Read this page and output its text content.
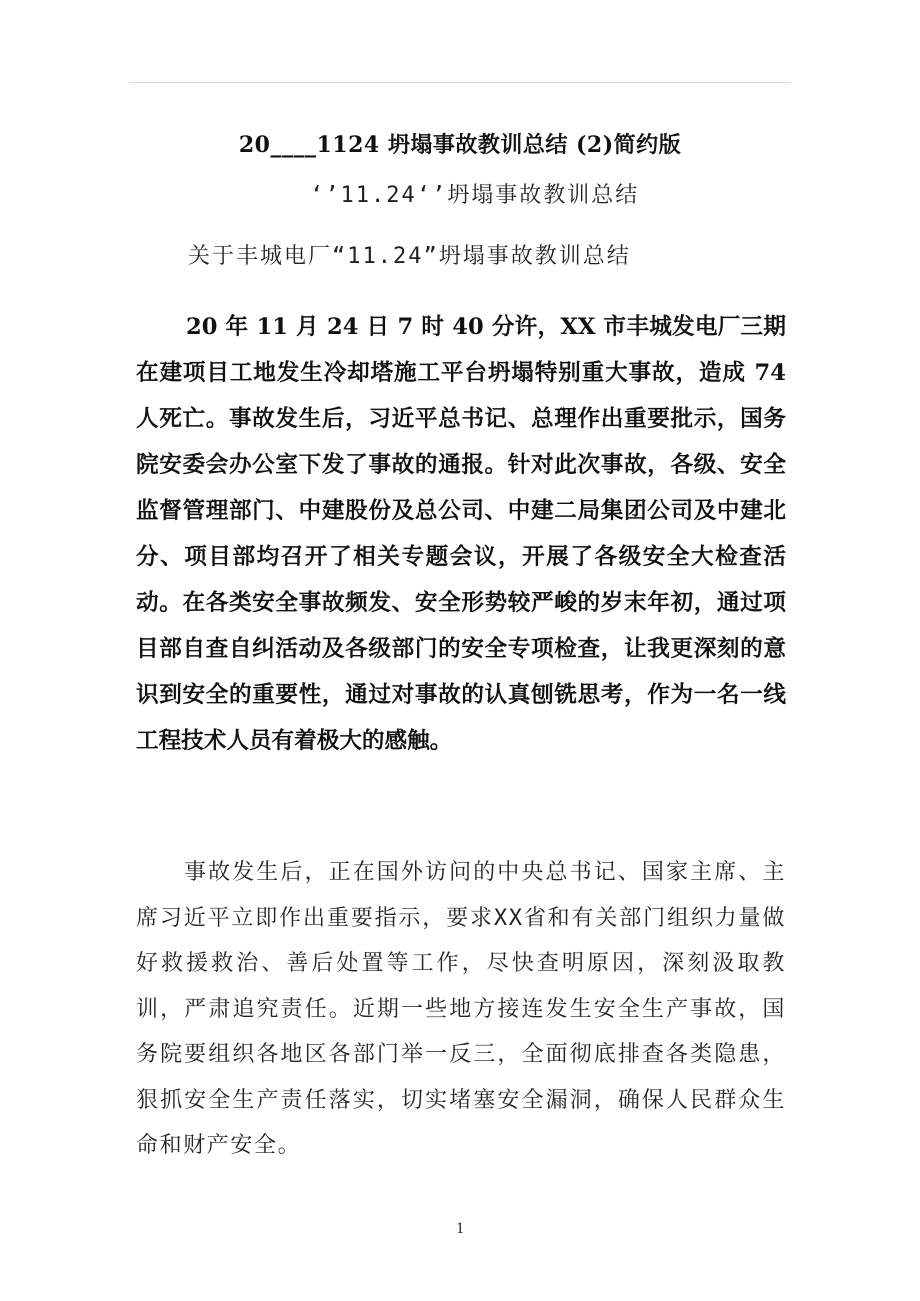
20____1124 坍塌事故教训总结 (2)简约版
‘’11.24‘’坍塌事故教训总结
关于丰城电厂“11.24”坍塌事故教训总结
20 年 11 月 24 日 7 时 40 分许，XX 市丰城发电厂三期在建项目工地发生冷却塔施工平台坍塌特别重大事故，造成 74 人死亡。事故发生后，习近平总书记、总理作出重要批示，国务院安委会办公室下发了事故的通报。针对此次事故，各级、安全监督管理部门、中建股份及总公司、中建二局集团公司及中建北分、项目部均召开了相关专题会议，开展了各级安全大检查活动。在各类安全事故频发、安全形势较严峻的岁末年初，通过项目部自查自纠活动及各级部门的安全专项检查，让我更深刻的意识到安全的重要性，通过对事故的认真刨铣思考，作为一名一线工程技术人员有着极大的感触。
事故发生后，正在国外访问的中央总书记、国家主席、主席习近平立即作出重要指示，要求XX省和有关部门组织力量做好救援救治、善后处置等工作，尽快查明原因，深刻汲取教训，严肃追究责任。近期一些地方接连发生安全生产事故，国务院要组织各地区各部门举一反三，全面彻底排查各类隐患，狠抓安全生产责任落实，切实堵塞安全漏洞，确保人民群众生命和财产安全。
1
